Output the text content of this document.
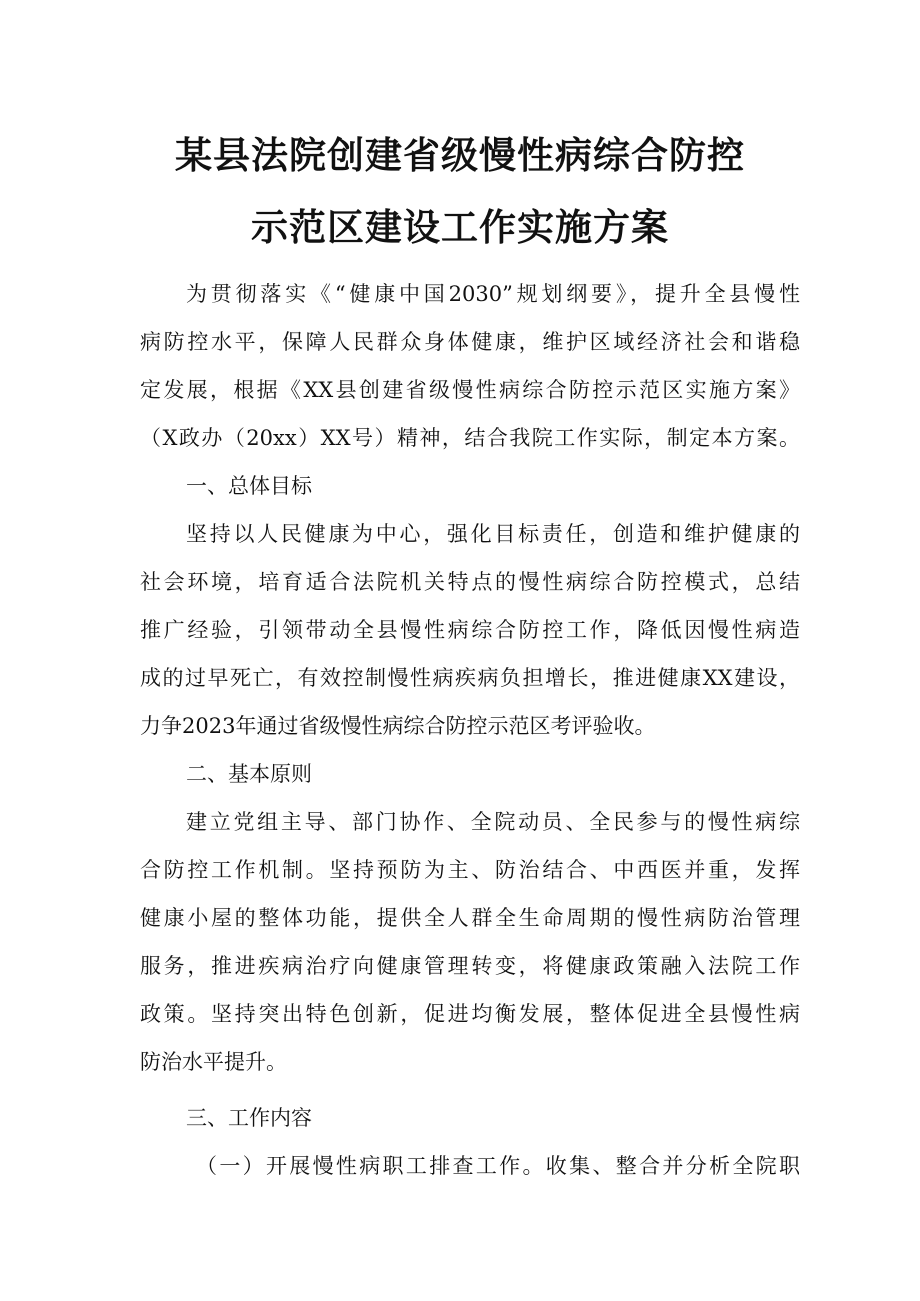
某县法院创建省级慢性病综合防控
示范区建设工作实施方案
为贯彻落实《“健康中国2030”规划纲要》，提升全县慢性
病防控水平，保障人民群众身体健康，维护区域经济社会和谐稳
定发展，根据《XX县创建省级慢性病综合防控示范区实施方案》
（X政办（20xx）XX号）精神，结合我院工作实际，制定本方案。
一、总体目标
坚持以人民健康为中心，强化目标责任，创造和维护健康的
社会环境，培育适合法院机关特点的慢性病综合防控模式，总结
推广经验，引领带动全县慢性病综合防控工作，降低因慢性病造
成的过早死亡，有效控制慢性病疾病负担增长，推进健康XX建设，
力争2023年通过省级慢性病综合防控示范区考评验收。
二、基本原则
建立党组主导、部门协作、全院动员、全民参与的慢性病综
合防控工作机制。坚持预防为主、防治结合、中西医并重，发挥
健康小屋的整体功能，提供全人群全生命周期的慢性病防治管理
服务，推进疾病治疗向健康管理转变，将健康政策融入法院工作
政策。坚持突出特色创新，促进均衡发展，整体促进全县慢性病
防治水平提升。
三、工作内容
（一）开展慢性病职工排查工作。收集、整合并分析全院职
